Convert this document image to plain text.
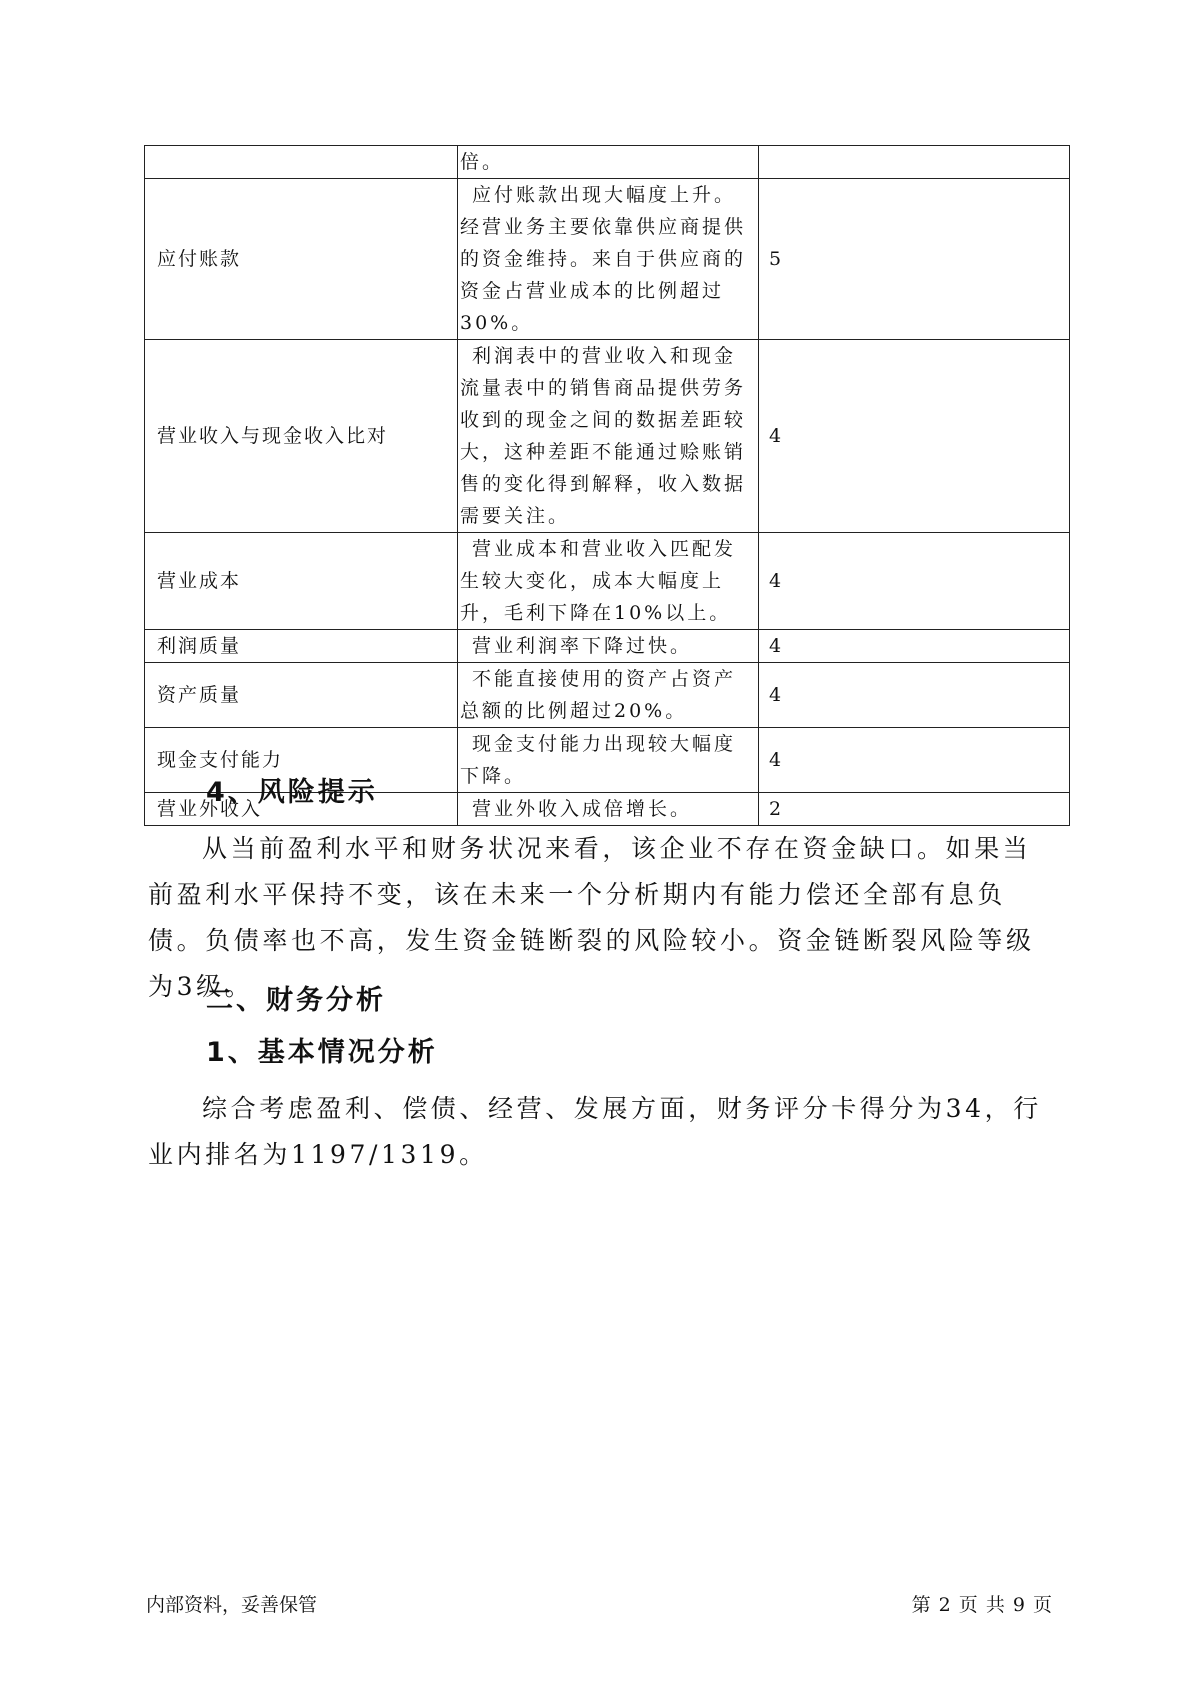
	倍。	
应付账款	应付账款出现大幅度上升。经营业务主要依靠供应商提供的资金维持。来自于供应商的资金占营业成本的比例超过30%。	5
营业收入与现金收入比对	利润表中的营业收入和现金流量表中的销售商品提供劳务收到的现金之间的数据差距较大，这种差距不能通过赊账销售的变化得到解释，收入数据需要关注。	4
营业成本	营业成本和营业收入匹配发生较大变化，成本大幅度上升，毛利下降在10%以上。	4
利润质量	营业利润率下降过快。	4
资产质量	不能直接使用的资产占资产总额的比例超过20%。	4
现金支付能力	现金支付能力出现较大幅度下降。	4
营业外收入	营业外收入成倍增长。	2
4、风险提示

从当前盈利水平和财务状况来看，该企业不存在资金缺口。如果当前盈利水平保持不变，该在未来一个分析期内有能力偿还全部有息负债。负债率也不高，发生资金链断裂的风险较小。资金链断裂风险等级为3级。

二、财务分析
1、基本情况分析

综合考虑盈利、偿债、经营、发展方面，财务评分卡得分为34，行业内排名为1197/1319。

内部资料，妥善保管	第 2 页 共 9 页
